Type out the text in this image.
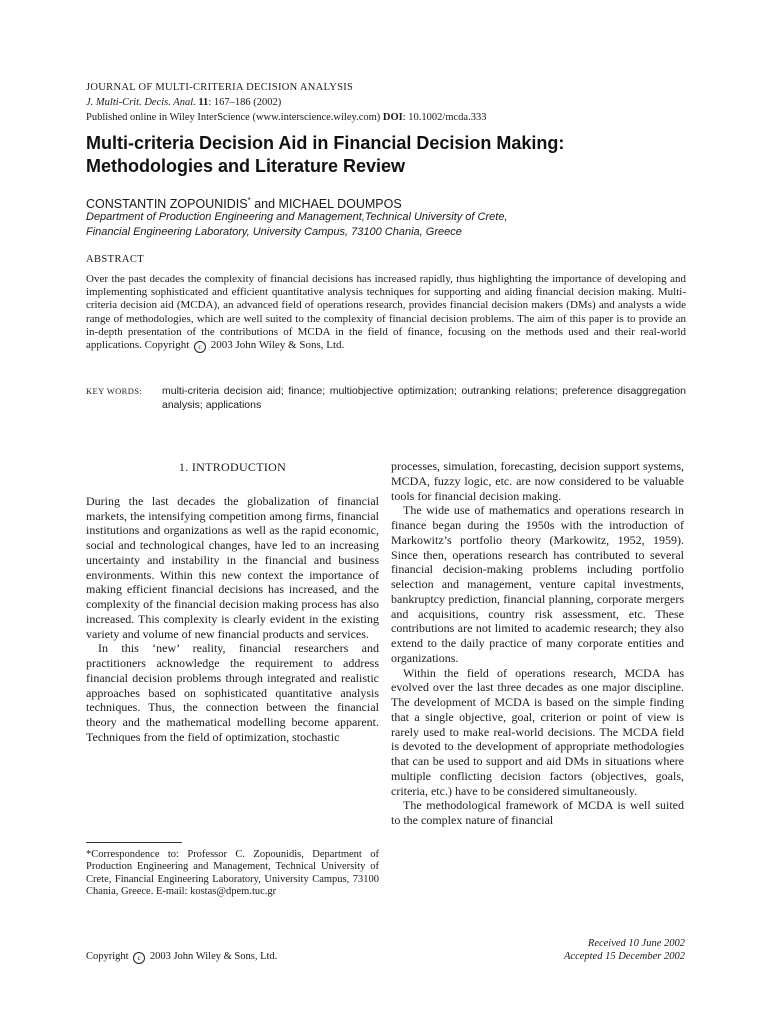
JOURNAL OF MULTI-CRITERIA DECISION ANALYSIS
J. Multi-Crit. Decis. Anal. 11: 167–186 (2002)
Published online in Wiley InterScience (www.interscience.wiley.com) DOI: 10.1002/mcda.333
Multi-criteria Decision Aid in Financial Decision Making: Methodologies and Literature Review
CONSTANTIN ZOPOUNIDIS* and MICHAEL DOUMPOS
Department of Production Engineering and Management,Technical University of Crete,
Financial Engineering Laboratory, University Campus, 73100 Chania, Greece
ABSTRACT

Over the past decades the complexity of financial decisions has increased rapidly, thus highlighting the importance of developing and implementing sophisticated and efficient quantitative analysis techniques for supporting and aiding financial decision making. Multi-criteria decision aid (MCDA), an advanced field of operations research, provides financial decision makers (DMs) and analysts a wide range of methodologies, which are well suited to the complexity of financial decision problems. The aim of this paper is to provide an in-depth presentation of the contributions of MCDA in the field of finance, focusing on the methods used and their real-world applications. Copyright c 2003 John Wiley & Sons, Ltd.

KEY WORDS:	multi-criteria decision aid; finance; multiobjective optimization; outranking relations; preference disaggregation analysis; applications
1. INTRODUCTION

During the last decades the globalization of financial markets, the intensifying competition among firms, financial institutions and organizations as well as the rapid economic, social and technological changes, have led to an increasing uncertainty and instability in the financial and business environments. Within this new context the importance of making efficient financial decisions has increased, and the complexity of the financial decision making process has also increased. This complexity is clearly evident in the existing variety and volume of new financial products and services.

In this ‘new’ reality, financial researchers and practitioners acknowledge the requirement to address financial decision problems through integrated and realistic approaches based on sophisticated quantitative analysis techniques. Thus, the connection between the financial theory and the mathematical modelling become apparent. Techniques from the field of optimization, stochastic

processes, simulation, forecasting, decision support systems, MCDA, fuzzy logic, etc. are now considered to be valuable tools for financial decision making.

The wide use of mathematics and operations research in finance began during the 1950s with the introduction of Markowitz’s portfolio theory (Markowitz, 1952, 1959). Since then, operations research has contributed to several financial decision-making problems including portfolio selection and management, venture capital investments, bankruptcy prediction, financial planning, corporate mergers and acquisitions, country risk assessment, etc. These contributions are not limited to academic research; they also extend to the daily practice of many corporate entities and organizations.

Within the field of operations research, MCDA has evolved over the last three decades as one major discipline. The development of MCDA is based on the simple finding that a single objective, goal, criterion or point of view is rarely used to make real-world decisions. The MCDA field is devoted to the development of appropriate methodologies that can be used to support and aid DMs in situations where multiple conflicting decision factors (objectives, goals, criteria, etc.) have to be considered simultaneously.

The methodological framework of MCDA is well suited to the complex nature of financial

*Correspondence to: Professor C. Zopounidis, Department of Production Engineering and Management, Technical University of Crete, Financial Engineering Laboratory, University Campus, 73100 Chania, Greece. E-mail: kostas@dpem.tuc.gr

Copyright c 2003 John Wiley & Sons, Ltd.
Received 10 June 2002
Accepted 15 December 2002
